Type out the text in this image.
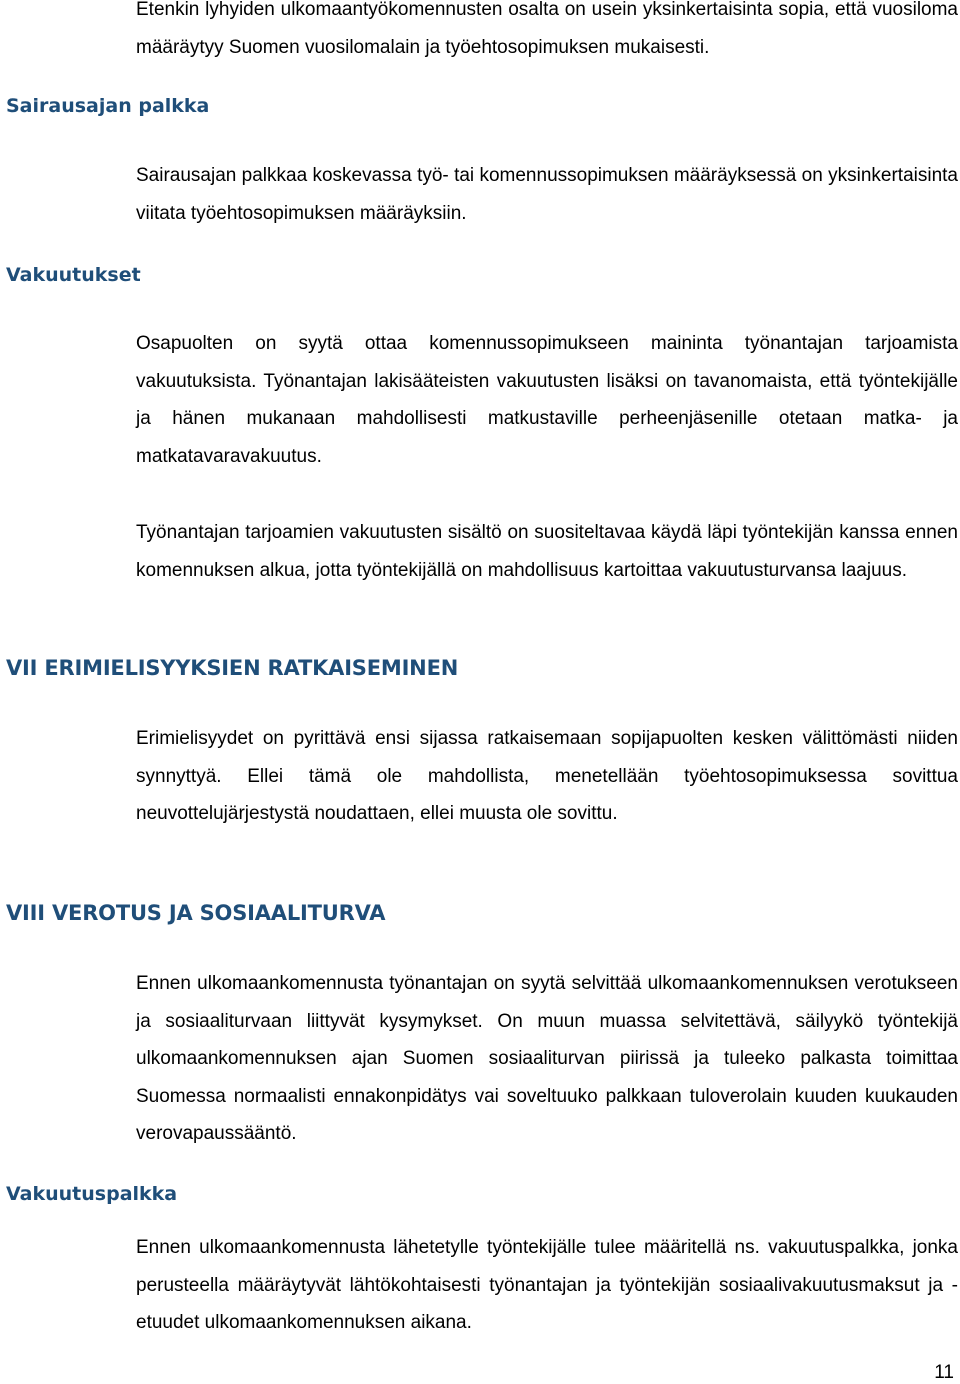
Etenkin lyhyiden ulkomaantyökomennusten osalta on usein yksinkertaisinta sopia, että vuosiloma määräytyy Suomen vuosilomalain ja työehtosopimuksen mukaisesti.

Sairausajan palkka

Sairausajan palkkaa koskevassa työ- tai komennussopimuksen määräyksessä on yksinkertaisinta viitata työehtosopimuksen määräyksiin.

Vakuutukset

Osapuolten on syytä ottaa komennussopimukseen maininta työnantajan tarjoamista vakuutuksista. Työnantajan lakisääteisten vakuutusten lisäksi on tavanomaista, että työntekijälle ja hänen mukanaan mahdollisesti matkustaville perheenjäsenille otetaan matka- ja matkatavaravakuutus.

Työnantajan tarjoamien vakuutusten sisältö on suositeltavaa käydä läpi työntekijän kanssa ennen komennuksen alkua, jotta työntekijällä on mahdollisuus kartoittaa vakuutusturvansa laajuus.

VII ERIMIELISYYKSIEN RATKAISEMINEN

Erimielisyydet on pyrittävä ensi sijassa ratkaisemaan sopijapuolten kesken välittömästi niiden synnyttyä. Ellei tämä ole mahdollista, menetellään työehtosopimuksessa sovittua neuvottelujärjestystä noudattaen, ellei muusta ole sovittu.

VIII VEROTUS JA SOSIAALITURVA

Ennen ulkomaankomennusta työnantajan on syytä selvittää ulkomaankomennuksen verotukseen ja sosiaaliturvaan liittyvät kysymykset. On muun muassa selvitettävä, säilyykö työntekijä ulkomaankomennuksen ajan Suomen sosiaaliturvan piirissä ja tuleeko palkasta toimittaa Suomessa normaalisti ennakonpidätys vai soveltuuko palkkaan tuloverolain kuuden kuukauden verovapaussääntö.

Vakuutuspalkka

Ennen ulkomaankomennusta lähetetylle työntekijälle tulee määritellä ns. vakuutuspalkka, jonka perusteella määräytyvät lähtökohtaisesti työnantajan ja työntekijän sosiaalivakuutusmaksut ja -etuudet ulkomaankomennuksen aikana.

11
